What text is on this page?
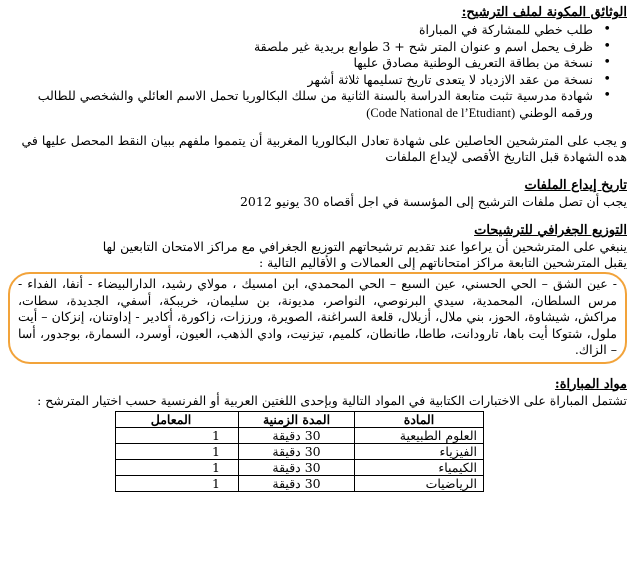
الوثائق المكونة لملف الترشيح:

• طلب خطي للمشاركة في المباراة
• ظرف يحمل اسم و عنوان المتر شح + 3 طوابع بريدية غير ملصقة
• نسخة من بطاقة التعريف الوطنية مصادق عليها
• نسخة من عقد الازدياد لا يتعدى تاريخ تسليمها ثلاثة أشهر
• شهادة مدرسية تثبت متابعة الدراسة بالسنة الثانية من سلك البكالوريا تحمل الاسم العائلي والشخصي للطالب ورقمه الوطني (Code National de l’Etudiant)

و يجب على المترشحين الحاصلين على شهادة تعادل البكالوريا المغربية أن يتمموا ملفهم ببيان النقط المحصل عليها في هده الشهادة قبل التاريخ الأقصى لإيداع الملفات

تاريخ إيداع الملفات

يجب أن تصل ملفات الترشيح إلى المؤسسة في اجل أقصاه 30 يونيو 2012

التوزيع الجغرافي للترشيحات

ينبغي على المترشحين أن يراعوا عند تقديم ترشيحاتهم التوزيع الجغرافي مع مراكز الامتحان التابعين لها

يقبل المترشحين التابعة مراكز امتحاناتهم إلى العمالات و الأقاليم التالية :

- عين الشق – الحي الحسني، عين السبع – الحي المحمدي، ابن امسيك ، مولاي رشيد، الدارالبيضاء - أنفا، الفداء - مرس السلطان، المحمدية، سيدي البرنوصي، النواصر، مديونة، بن سليمان، خريبكة، أسفي، الجديدة، سطات، مراكش، شيشاوة، الحوز، بني ملال، أزيلال، قلعة السراغنة، الصويرة، ورززات، زاكورة، أكادير - إداوتنان، إنزكان – أيت ملول، شتوكا أيت باها، تارودانت، طاطا، طانطان، كلميم، تيزنيت، وادي الذهب، العيون، أوسرد، السمارة، بوجدور، أسا – الزاك.

مواد المباراة:

تشتمل المباراة على الاختبارات الكتابية في المواد التالية وبإحدى اللغتين العربية أو الفرنسية حسب اختيار المترشح :

المادة	المدة الزمنية	المعامل
العلوم الطبيعية	30 دقيقة	1
الفيزياء	30 دقيقة	1
الكيمياء	30 دقيقة	1
الرياضيات	30 دقيقة	1
